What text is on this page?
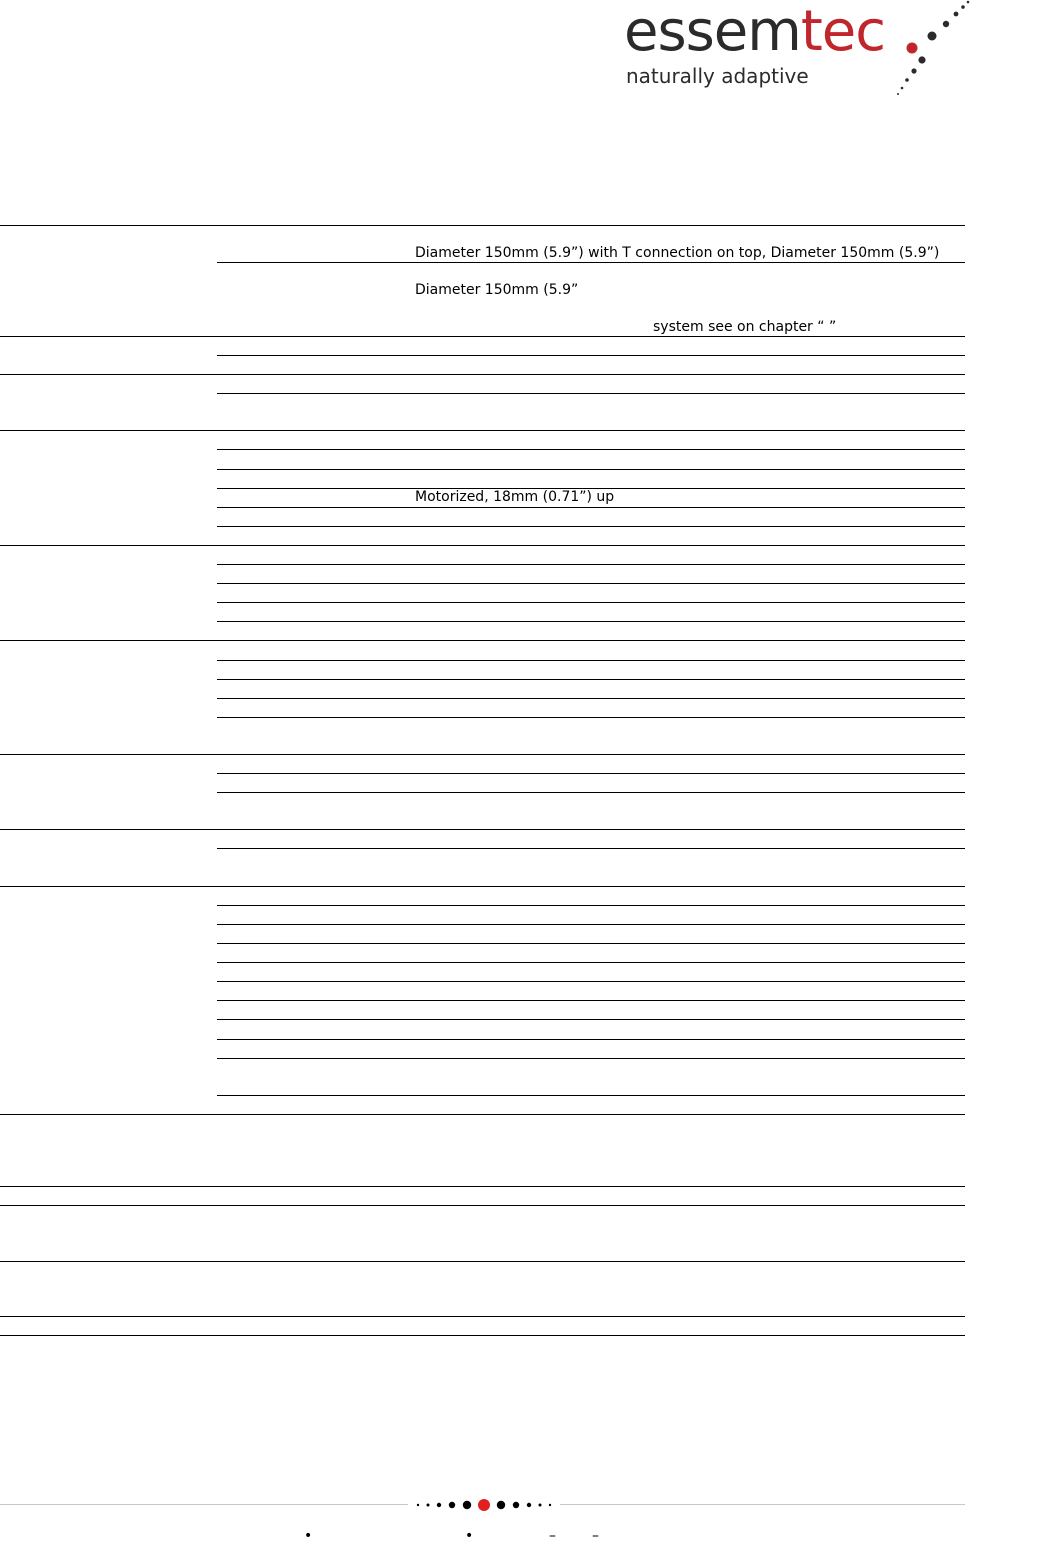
essemtec
naturally adaptive
Diameter 150mm (5.9”) with T connection on top, Diameter 150mm (5.9”)
Diameter 150mm (5.9”
system see on chapter “ ”
Motorized, 18mm (0.71”) up
•	•	–	–
